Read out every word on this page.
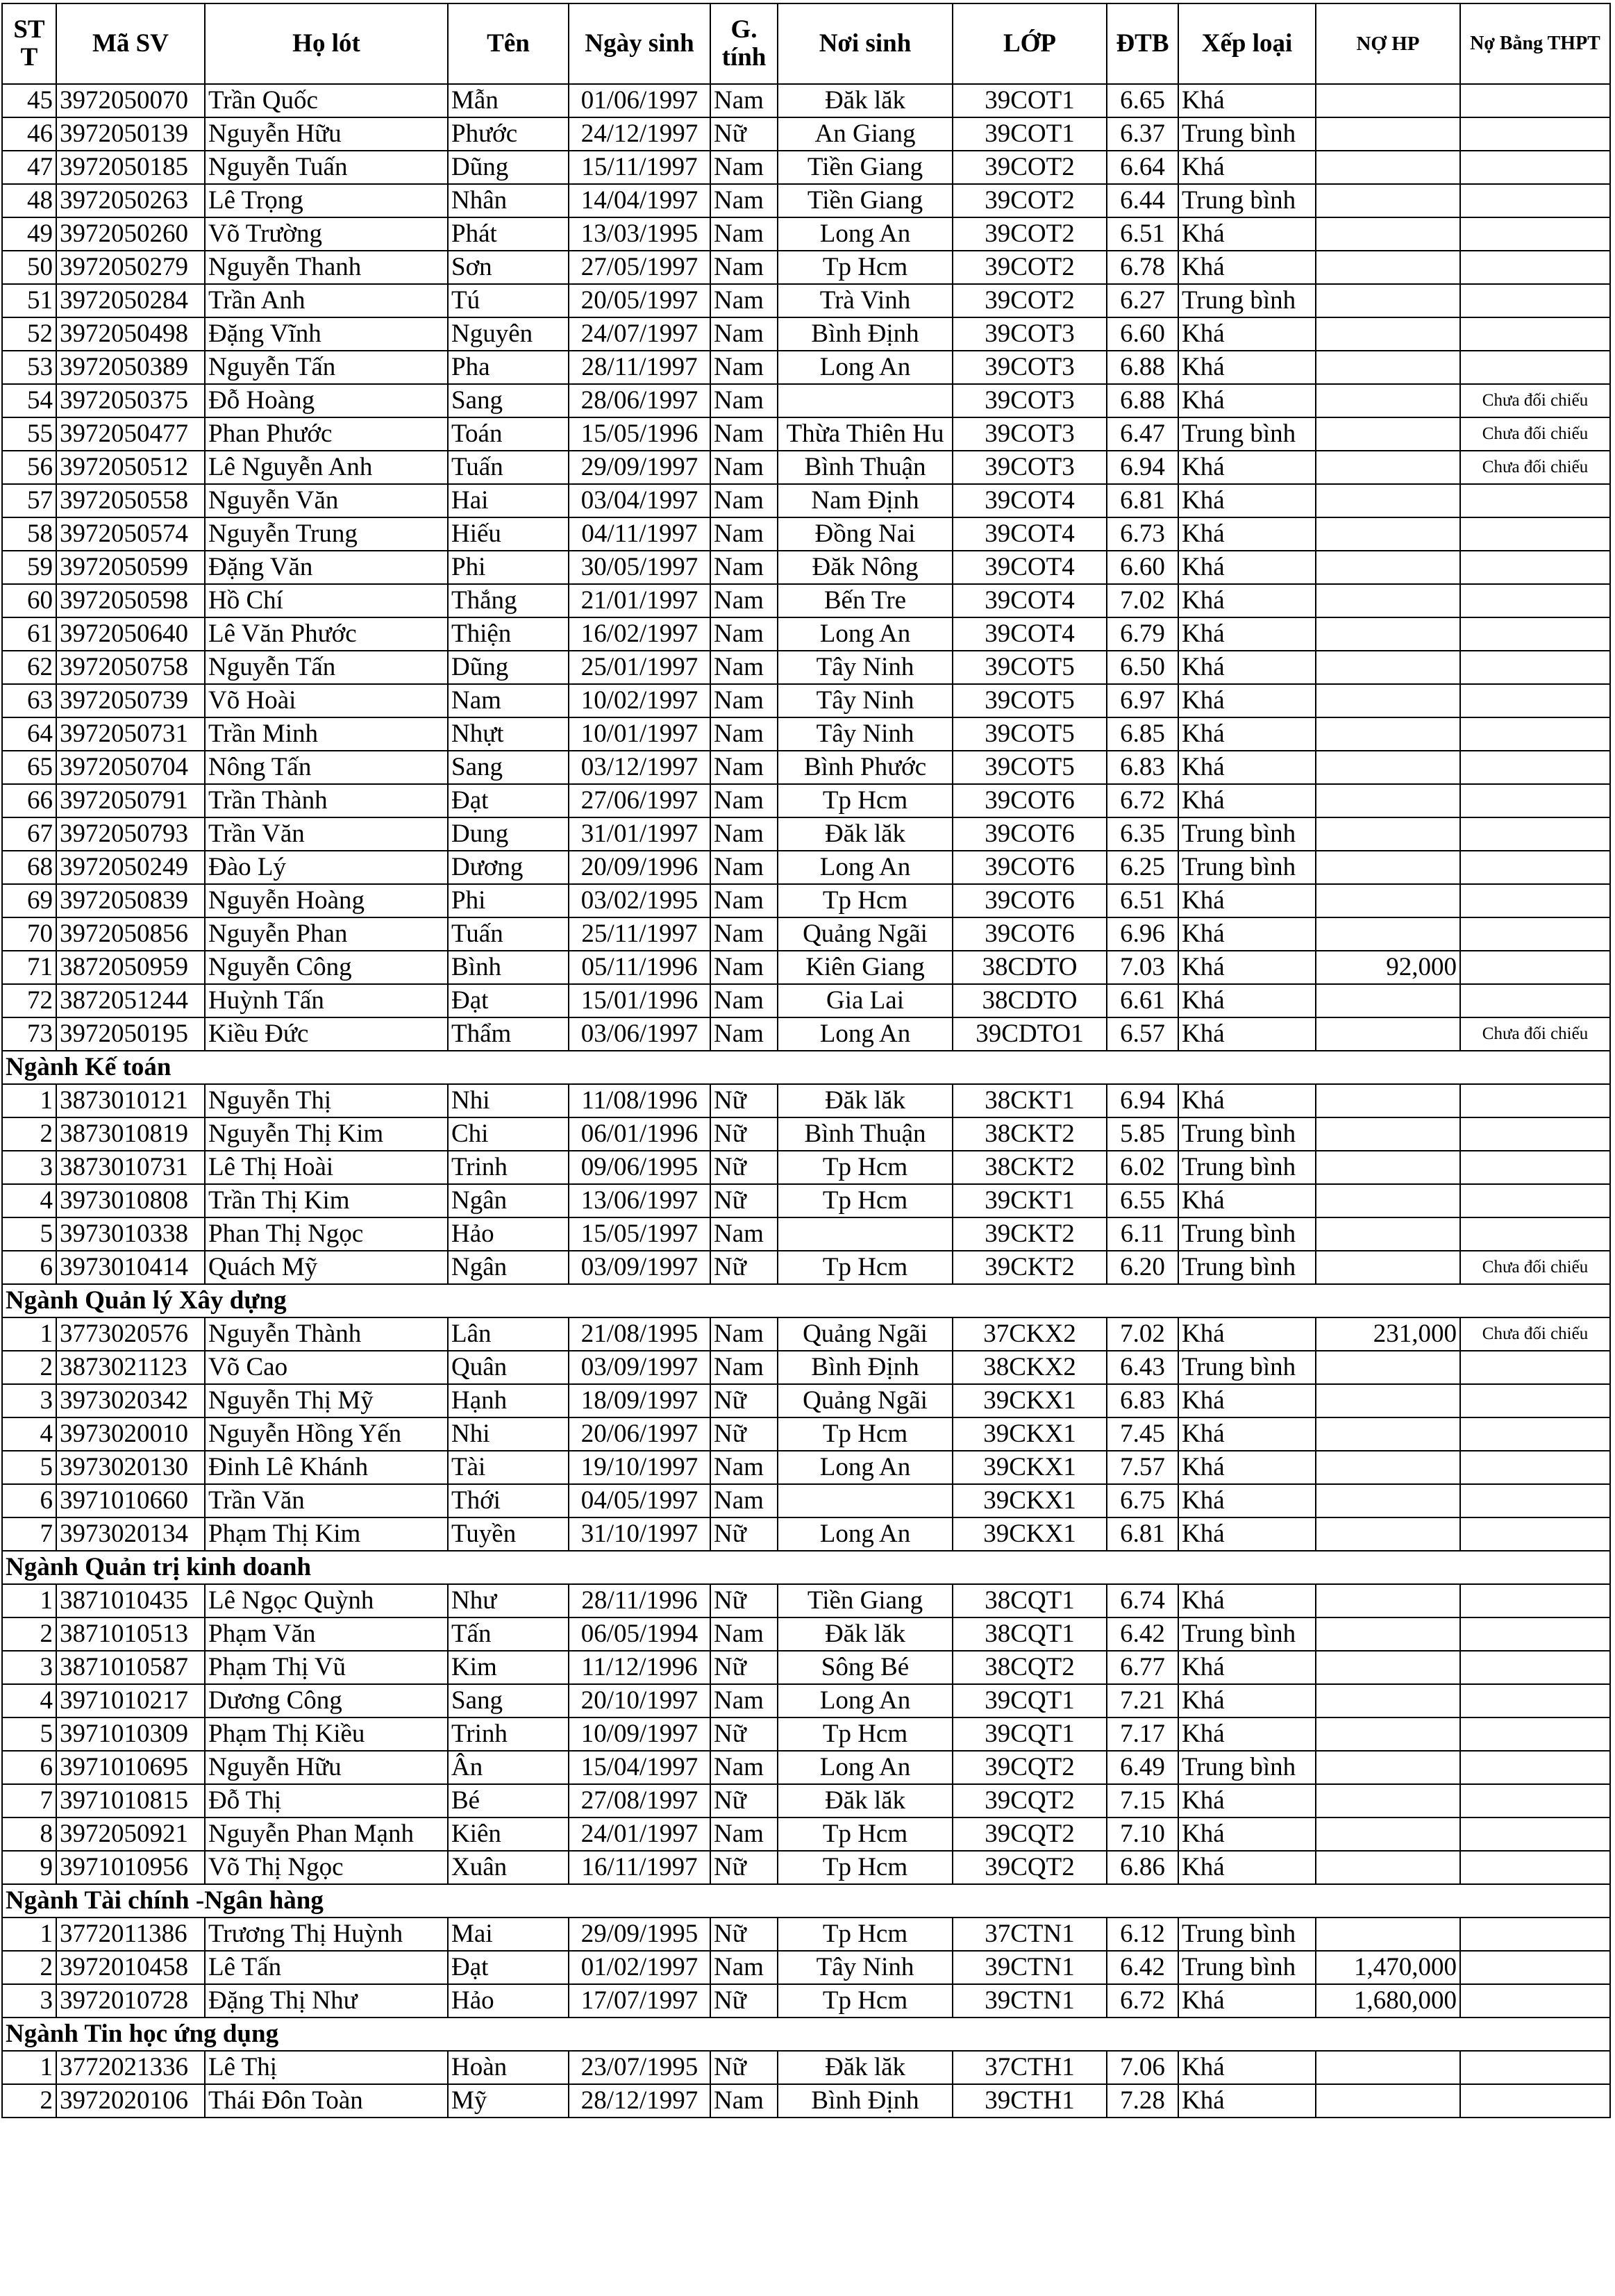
ST T	Mã SV	Họ lót	Tên	Ngày sinh	G. tính	Nơi sinh	LỚP	ĐTB	Xếp loại	NỢ HP	Nợ Bằng THPT
45	3972050070	Trần Quốc	Mẫn	01/06/1997	Nam	Đăk lăk	39COT1	6.65	Khá		
46	3972050139	Nguyễn Hữu	Phước	24/12/1997	Nữ	An Giang	39COT1	6.37	Trung bình		
47	3972050185	Nguyễn Tuấn	Dũng	15/11/1997	Nam	Tiền Giang	39COT2	6.64	Khá		
48	3972050263	Lê Trọng	Nhân	14/04/1997	Nam	Tiền Giang	39COT2	6.44	Trung bình		
49	3972050260	Võ Trường	Phát	13/03/1995	Nam	Long An	39COT2	6.51	Khá		
50	3972050279	Nguyễn Thanh	Sơn	27/05/1997	Nam	Tp Hcm	39COT2	6.78	Khá		
51	3972050284	Trần Anh	Tú	20/05/1997	Nam	Trà Vinh	39COT2	6.27	Trung bình		
52	3972050498	Đặng Vĩnh	Nguyên	24/07/1997	Nam	Bình Định	39COT3	6.60	Khá		
53	3972050389	Nguyễn Tấn	Pha	28/11/1997	Nam	Long An	39COT3	6.88	Khá		
54	3972050375	Đỗ Hoàng	Sang	28/06/1997	Nam		39COT3	6.88	Khá		Chưa đối chiếu
55	3972050477	Phan Phước	Toán	15/05/1996	Nam	Thừa Thiên Hu	39COT3	6.47	Trung bình		Chưa đối chiếu
56	3972050512	Lê Nguyễn Anh	Tuấn	29/09/1997	Nam	Bình Thuận	39COT3	6.94	Khá		Chưa đối chiếu
57	3972050558	Nguyễn Văn	Hai	03/04/1997	Nam	Nam Định	39COT4	6.81	Khá		
58	3972050574	Nguyễn Trung	Hiếu	04/11/1997	Nam	Đồng Nai	39COT4	6.73	Khá		
59	3972050599	Đặng Văn	Phi	30/05/1997	Nam	Đăk Nông	39COT4	6.60	Khá		
60	3972050598	Hồ Chí	Thắng	21/01/1997	Nam	Bến Tre	39COT4	7.02	Khá		
61	3972050640	Lê Văn Phước	Thiện	16/02/1997	Nam	Long An	39COT4	6.79	Khá		
62	3972050758	Nguyễn Tấn	Dũng	25/01/1997	Nam	Tây Ninh	39COT5	6.50	Khá		
63	3972050739	Võ Hoài	Nam	10/02/1997	Nam	Tây Ninh	39COT5	6.97	Khá		
64	3972050731	Trần Minh	Nhựt	10/01/1997	Nam	Tây Ninh	39COT5	6.85	Khá		
65	3972050704	Nông Tấn	Sang	03/12/1997	Nam	Bình Phước	39COT5	6.83	Khá		
66	3972050791	Trần Thành	Đạt	27/06/1997	Nam	Tp Hcm	39COT6	6.72	Khá		
67	3972050793	Trần Văn	Dung	31/01/1997	Nam	Đăk lăk	39COT6	6.35	Trung bình		
68	3972050249	Đào Lý	Dương	20/09/1996	Nam	Long An	39COT6	6.25	Trung bình		
69	3972050839	Nguyễn Hoàng	Phi	03/02/1995	Nam	Tp Hcm	39COT6	6.51	Khá		
70	3972050856	Nguyễn Phan	Tuấn	25/11/1997	Nam	Quảng Ngãi	39COT6	6.96	Khá		
71	3872050959	Nguyễn Công	Bình	05/11/1996	Nam	Kiên Giang	38CDTO	7.03	Khá	92,000	
72	3872051244	Huỳnh Tấn	Đạt	15/01/1996	Nam	Gia Lai	38CDTO	6.61	Khá		
73	3972050195	Kiều Đức	Thẩm	03/06/1997	Nam	Long An	39CDTO1	6.57	Khá		Chưa đối chiếu
Ngành Kế toán											
1	3873010121	Nguyễn Thị	Nhi	11/08/1996	Nữ	Đăk lăk	38CKT1	6.94	Khá		
2	3873010819	Nguyễn Thị Kim	Chi	06/01/1996	Nữ	Bình Thuận	38CKT2	5.85	Trung bình		
3	3873010731	Lê Thị Hoài	Trinh	09/06/1995	Nữ	Tp Hcm	38CKT2	6.02	Trung bình		
4	3973010808	Trần Thị Kim	Ngân	13/06/1997	Nữ	Tp Hcm	39CKT1	6.55	Khá		
5	3973010338	Phan Thị Ngọc	Hảo	15/05/1997	Nam		39CKT2	6.11	Trung bình		
6	3973010414	Quách Mỹ	Ngân	03/09/1997	Nữ	Tp Hcm	39CKT2	6.20	Trung bình		Chưa đối chiếu
Ngành Quản lý Xây dựng											
1	3773020576	Nguyễn Thành	Lân	21/08/1995	Nam	Quảng Ngãi	37CKX2	7.02	Khá	231,000	Chưa đối chiếu
2	3873021123	Võ Cao	Quân	03/09/1997	Nam	Bình Định	38CKX2	6.43	Trung bình		
3	3973020342	Nguyễn Thị Mỹ	Hạnh	18/09/1997	Nữ	Quảng Ngãi	39CKX1	6.83	Khá		
4	3973020010	Nguyễn Hồng Yến	Nhi	20/06/1997	Nữ	Tp Hcm	39CKX1	7.45	Khá		
5	3973020130	Đinh Lê Khánh	Tài	19/10/1997	Nam	Long An	39CKX1	7.57	Khá		
6	3971010660	Trần Văn	Thới	04/05/1997	Nam		39CKX1	6.75	Khá		
7	3973020134	Phạm Thị Kim	Tuyền	31/10/1997	Nữ	Long An	39CKX1	6.81	Khá		
Ngành Quản trị kinh doanh											
1	3871010435	Lê Ngọc Quỳnh	Như	28/11/1996	Nữ	Tiền Giang	38CQT1	6.74	Khá		
2	3871010513	Phạm Văn	Tấn	06/05/1994	Nam	Đăk lăk	38CQT1	6.42	Trung bình		
3	3871010587	Phạm Thị Vũ	Kim	11/12/1996	Nữ	Sông Bé	38CQT2	6.77	Khá		
4	3971010217	Dương Công	Sang	20/10/1997	Nam	Long An	39CQT1	7.21	Khá		
5	3971010309	Phạm Thị Kiều	Trinh	10/09/1997	Nữ	Tp Hcm	39CQT1	7.17	Khá		
6	3971010695	Nguyễn Hữu	Ân	15/04/1997	Nam	Long An	39CQT2	6.49	Trung bình		
7	3971010815	Đỗ Thị	Bé	27/08/1997	Nữ	Đăk lăk	39CQT2	7.15	Khá		
8	3972050921	Nguyễn Phan Mạnh	Kiên	24/01/1997	Nam	Tp Hcm	39CQT2	7.10	Khá		
9	3971010956	Võ Thị Ngọc	Xuân	16/11/1997	Nữ	Tp Hcm	39CQT2	6.86	Khá		
Ngành Tài chính -Ngân hàng											
1	3772011386	Trương Thị Huỳnh	Mai	29/09/1995	Nữ	Tp Hcm	37CTN1	6.12	Trung bình		
2	3972010458	Lê Tấn	Đạt	01/02/1997	Nam	Tây Ninh	39CTN1	6.42	Trung bình	1,470,000	
3	3972010728	Đặng Thị Như	Hảo	17/07/1997	Nữ	Tp Hcm	39CTN1	6.72	Khá	1,680,000	
Ngành Tin học ứng dụng											
1	3772021336	Lê Thị	Hoàn	23/07/1995	Nữ	Đăk lăk	37CTH1	7.06	Khá		
2	3972020106	Thái Đôn Toàn	Mỹ	28/12/1997	Nam	Bình Định	39CTH1	7.28	Khá		
